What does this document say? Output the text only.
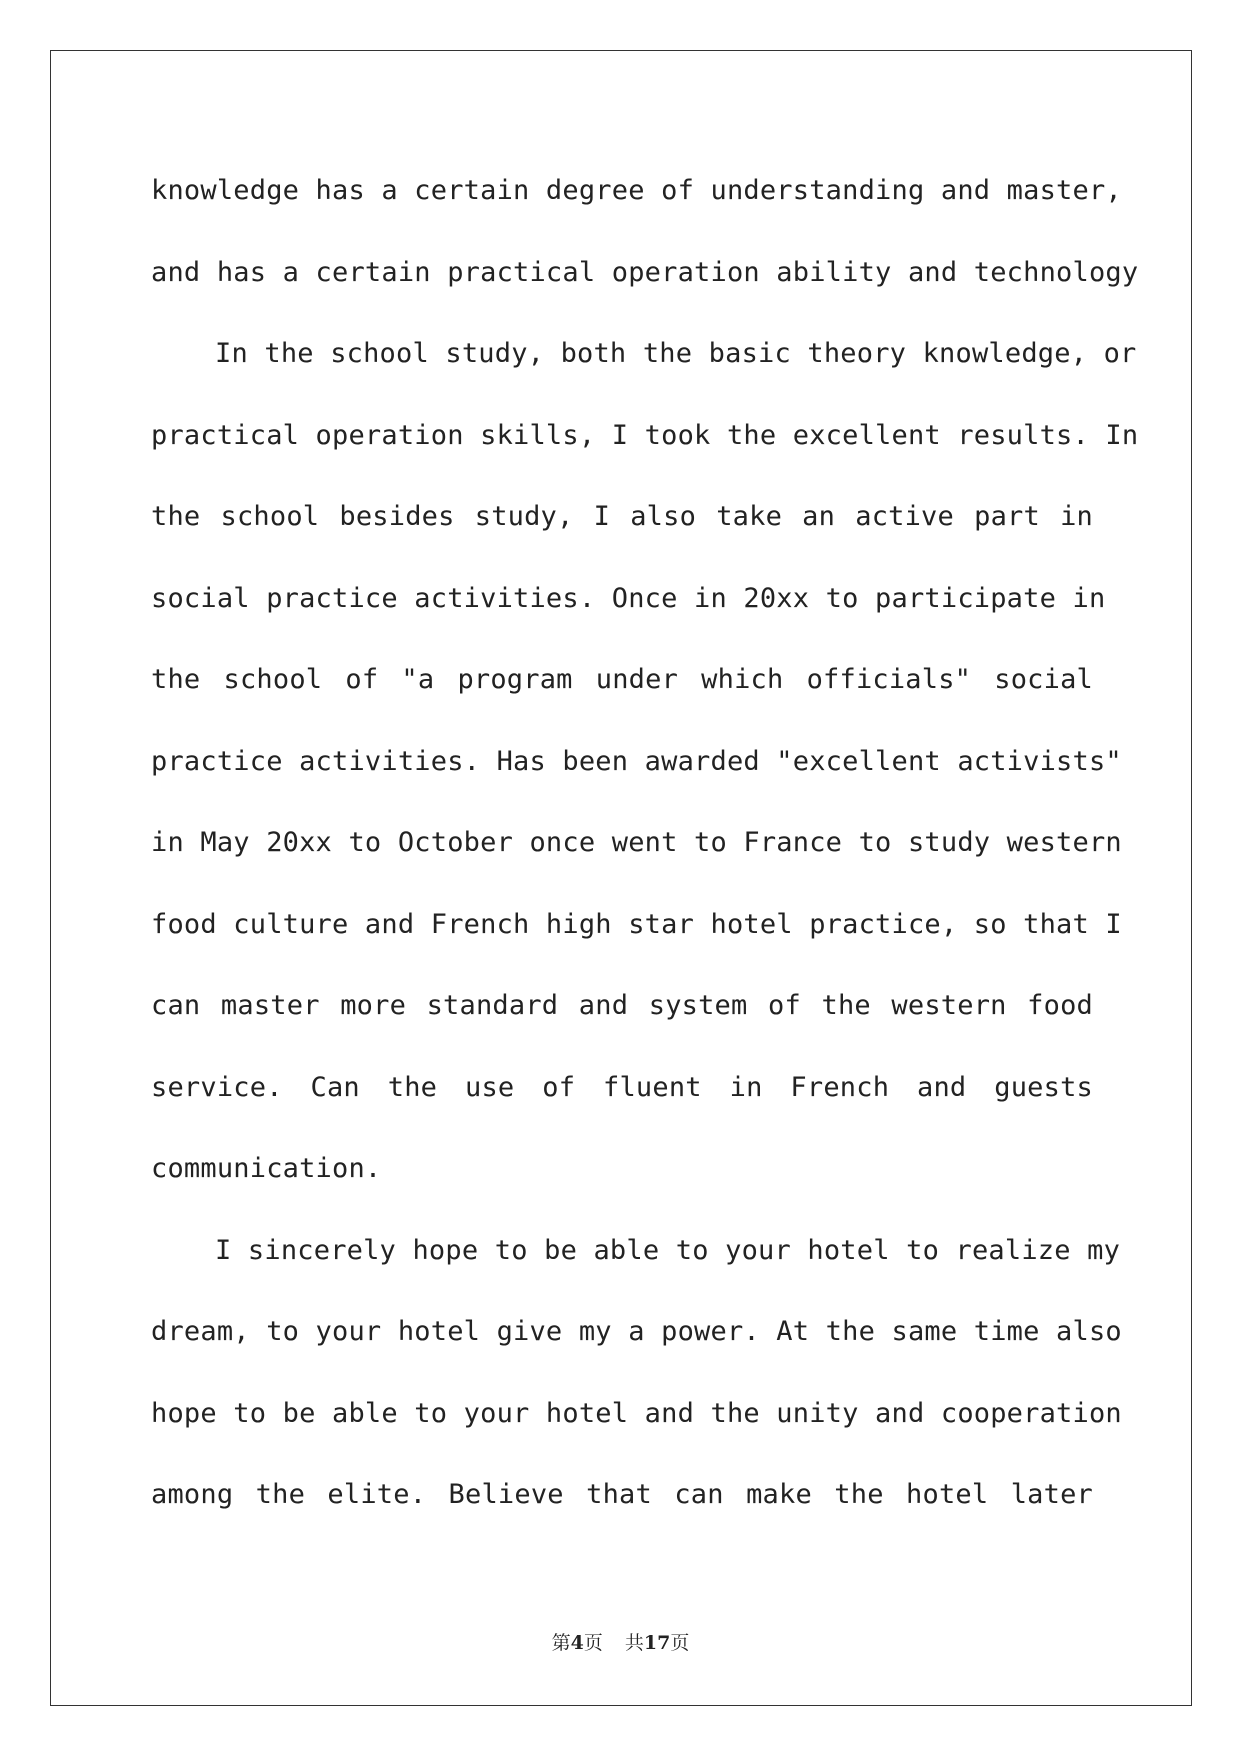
knowledge has a certain degree of understanding and master,
and has a certain practical operation ability and technology
In the school study, both the basic theory knowledge, or
practical operation skills, I took the excellent results. In
the school besides study, I also take an active part in
social practice activities. Once in 20xx to participate in
the school of "a program under which officials" social
practice activities. Has been awarded "excellent activists"
in May 20xx to October once went to France to study western
food culture and French high star hotel practice, so that I
can master more standard and system of the western food
service. Can the use of fluent in French and guests
communication.
I sincerely hope to be able to your hotel to realize my
dream, to your hotel give my a power. At the same time also
hope to be able to your hotel and the unity and cooperation
among the elite. Believe that can make the hotel later
第4页 共17页
